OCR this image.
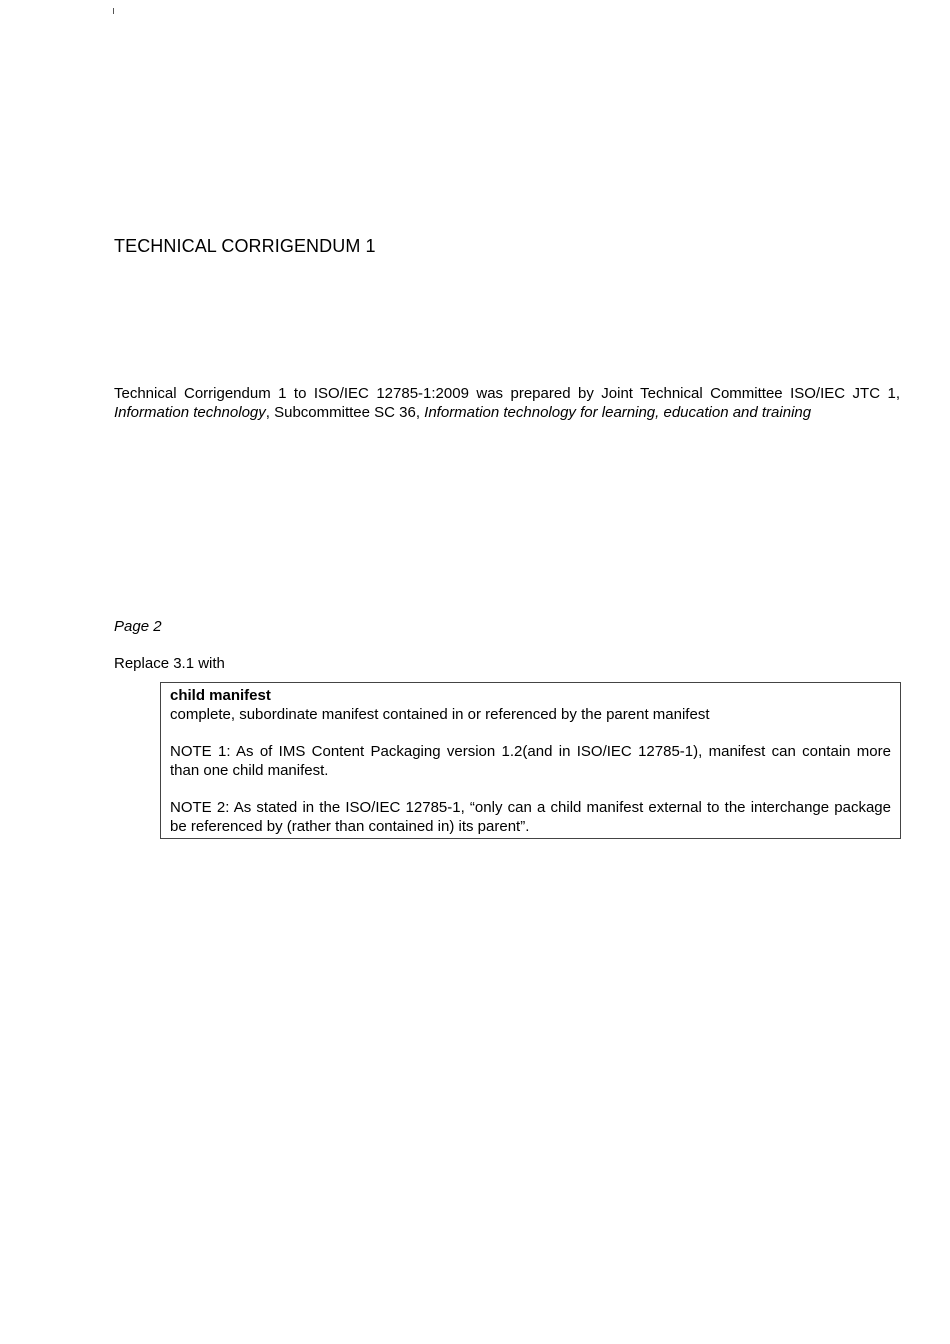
TECHNICAL CORRIGENDUM 1

Technical Corrigendum 1 to ISO/IEC 12785-1:2009 was prepared by Joint Technical Committee ISO/IEC JTC 1, Information technology, Subcommittee SC 36, Information technology for learning, education and training

Page 2

Replace 3.1 with

child manifest

complete, subordinate manifest contained in or referenced by the parent manifest

NOTE 1: As of IMS Content Packaging version 1.2(and in ISO/IEC 12785-1), manifest can contain more than one child manifest.

NOTE 2: As stated in the ISO/IEC 12785-1, “only can a child manifest external to the interchange package be referenced by (rather than contained in) its parent”.
